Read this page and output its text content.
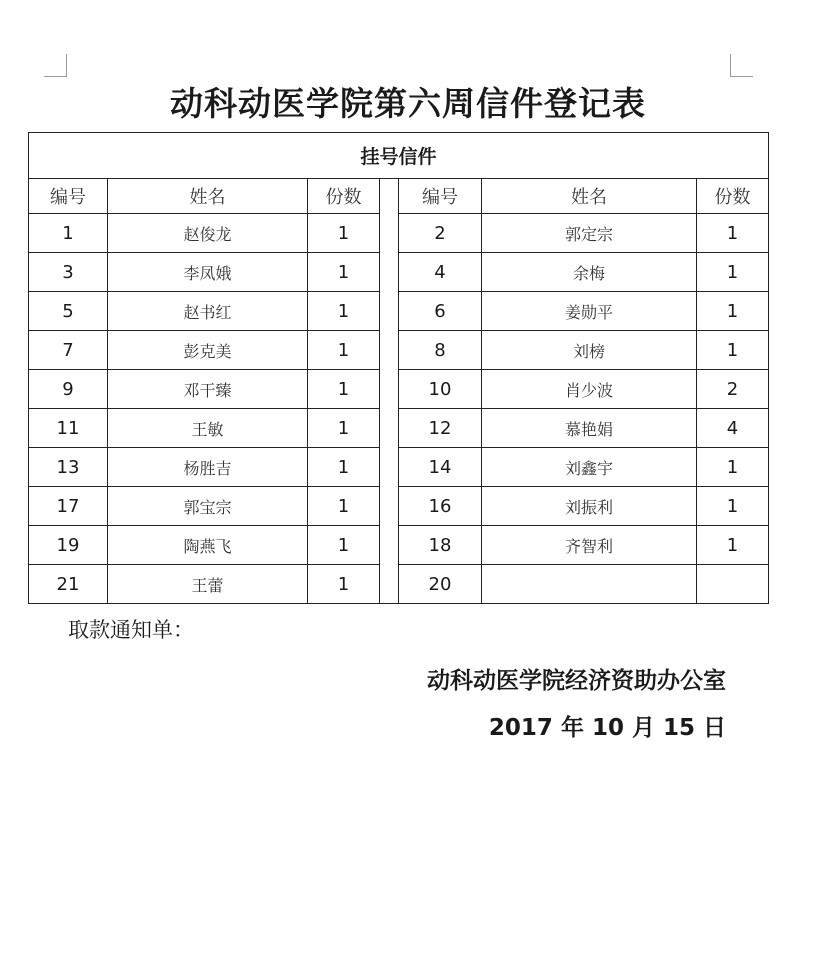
动科动医学院第六周信件登记表
挂号信件						
编号	姓名	份数		编号	姓名	份数
1	赵俊龙	1		2	郭定宗	1
3	李凤娥	1		4	余梅	1
5	赵书红	1		6	姜勋平	1
7	彭克美	1		8	刘榜	1
9	邓干臻	1		10	肖少波	2
11	王敏	1		12	慕艳娟	4
13	杨胜吉	1		14	刘鑫宇	1
17	郭宝宗	1		16	刘振利	1
19	陶燕飞	1		18	齐智利	1
21	王蕾	1		20		
取款通知单：
动科动医学院经济资助办公室
2017 年 10 月 15 日
